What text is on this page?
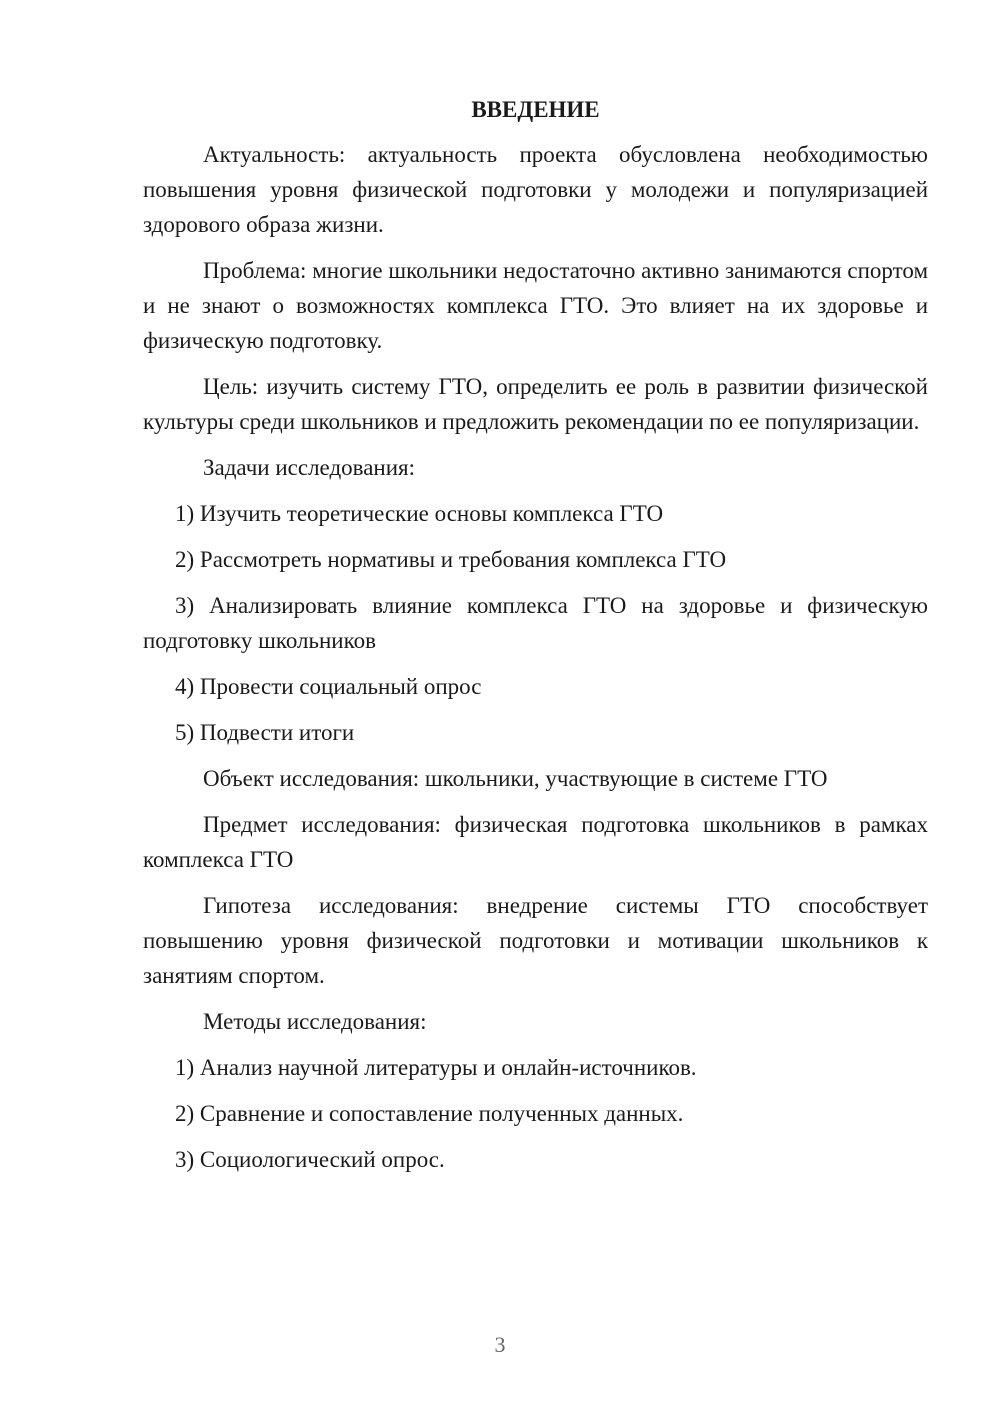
ВВЕДЕНИЕ
Актуальность: актуальность проекта обусловлена необходимостью повышения уровня физической подготовки у молодежи и популяризацией здорового образа жизни.
Проблема: многие школьники недостаточно активно занимаются спортом и не знают о возможностях комплекса ГТО. Это влияет на их здоровье и физическую подготовку.
Цель: изучить систему ГТО, определить ее роль в развитии физической культуры среди школьников и предложить рекомендации по ее популяризации.
Задачи исследования:
1) Изучить теоретические основы комплекса ГТО
2) Рассмотреть нормативы и требования комплекса ГТО
3) Анализировать влияние комплекса ГТО на здоровье и физическую подготовку школьников
4) Провести социальный опрос
5) Подвести итоги
Объект исследования: школьники, участвующие в системе ГТО
Предмет исследования: физическая подготовка школьников в рамках комплекса ГТО
Гипотеза исследования: внедрение системы ГТО способствует повышению уровня физической подготовки и мотивации школьников к занятиям спортом.
Методы исследования:
1) Анализ научной литературы и онлайн-источников.
2) Сравнение и сопоставление полученных данных.
3) Социологический опрос.
3
